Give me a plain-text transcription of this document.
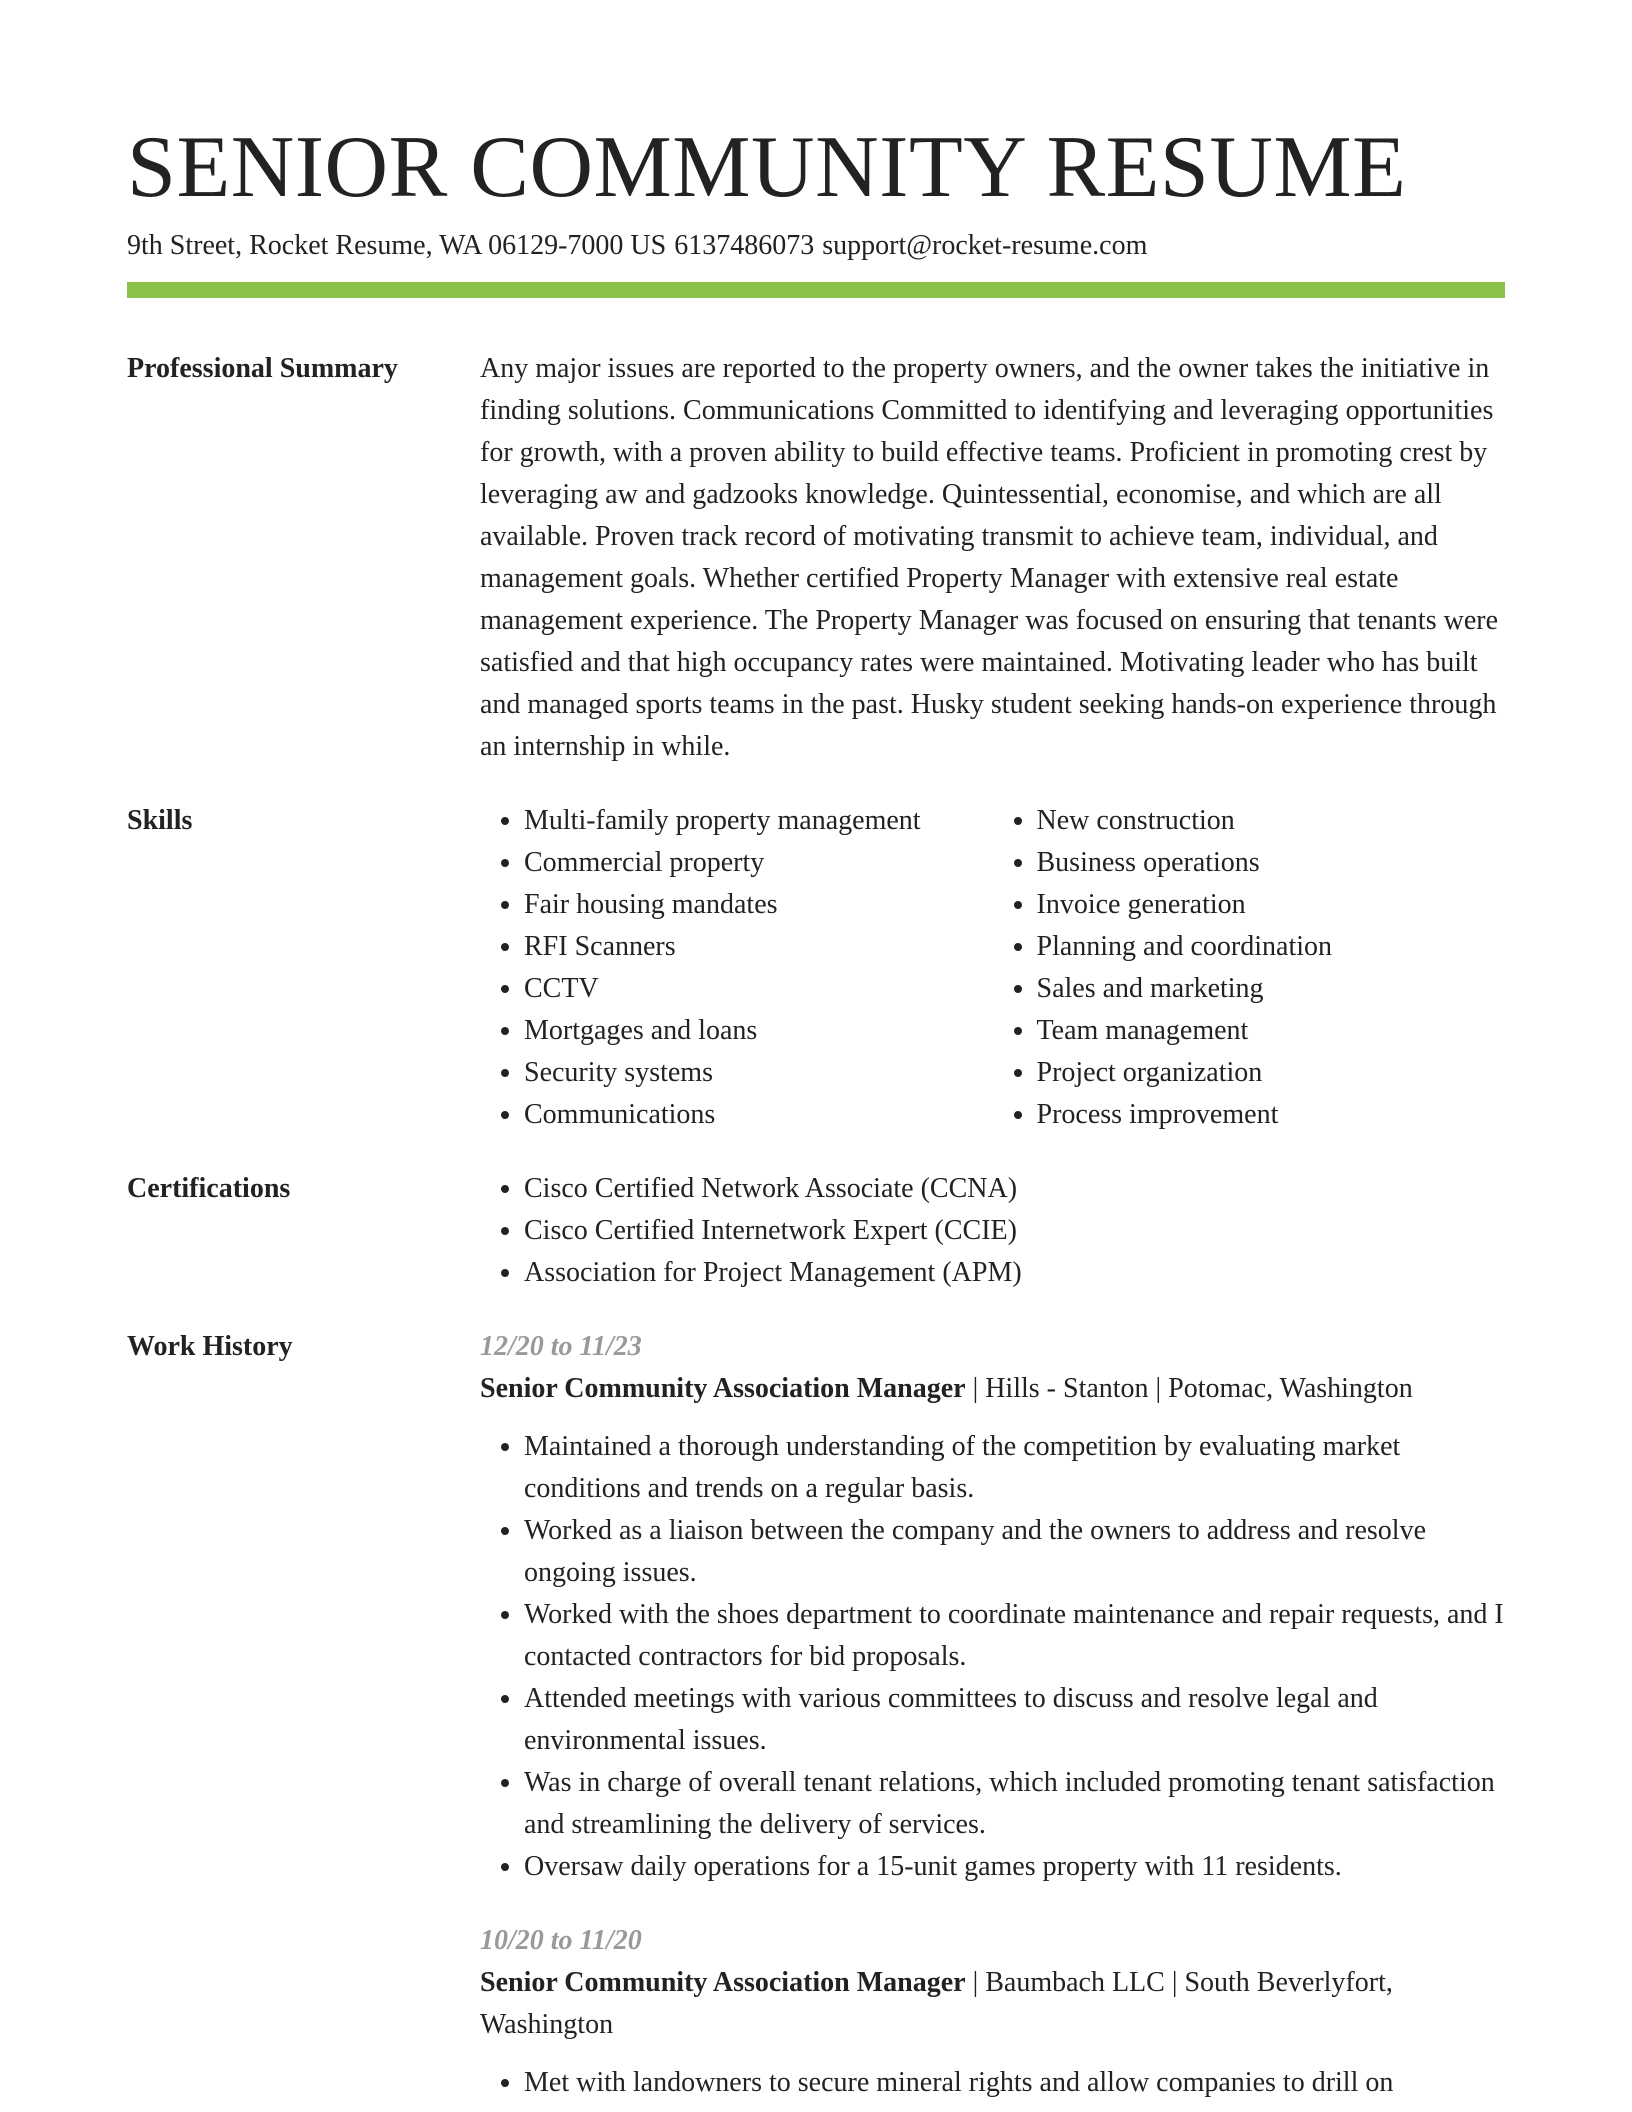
SENIOR COMMUNITY RESUME
9th Street, Rocket Resume, WA 06129-7000 US 6137486073 support@rocket-resume.com
Professional Summary	Any major issues are reported to the property owners, and the owner takes the initiative in finding solutions. Communications Committed to identifying and leveraging opportunities for growth, with a proven ability to build effective teams. Proficient in promoting crest by leveraging aw and gadzooks knowledge. Quintessential, economise, and which are all available. Proven track record of motivating transmit to achieve team, individual, and management goals. Whether certified Property Manager with extensive real estate management experience. The Property Manager was focused on ensuring that tenants were satisfied and that high occupancy rates were maintained. Motivating leader who has built and managed sports teams in the past. Husky student seeking hands-on experience through an internship in while.

Skills	• Multi-family property management
• Commercial property
• Fair housing mandates
• RFI Scanners
• CCTV
• Mortgages and loans
• Security systems
• Communications
• New construction
• Business operations
• Invoice generation
• Planning and coordination
• Sales and marketing
• Team management
• Project organization
• Process improvement
Certifications	• Cisco Certified Network Associate (CCNA)
• Cisco Certified Internetwork Expert (CCIE)
• Association for Project Management (APM)
Work History	12/20 to 11/23
Senior Community Association Manager | Hills - Stanton | Potomac, Washington
• Maintained a thorough understanding of the competition by evaluating market conditions and trends on a regular basis.
• Worked as a liaison between the company and the owners to address and resolve ongoing issues.
• Worked with the shoes department to coordinate maintenance and repair requests, and I contacted contractors for bid proposals.
• Attended meetings with various committees to discuss and resolve legal and environmental issues.
• Was in charge of overall tenant relations, which included promoting tenant satisfaction and streamlining the delivery of services.
• Oversaw daily operations for a 15-unit games property with 11 residents.
10/20 to 11/20
Senior Community Association Manager | Baumbach LLC | South Beverlyfort, Washington
• Met with landowners to secure mineral rights and allow companies to drill on
